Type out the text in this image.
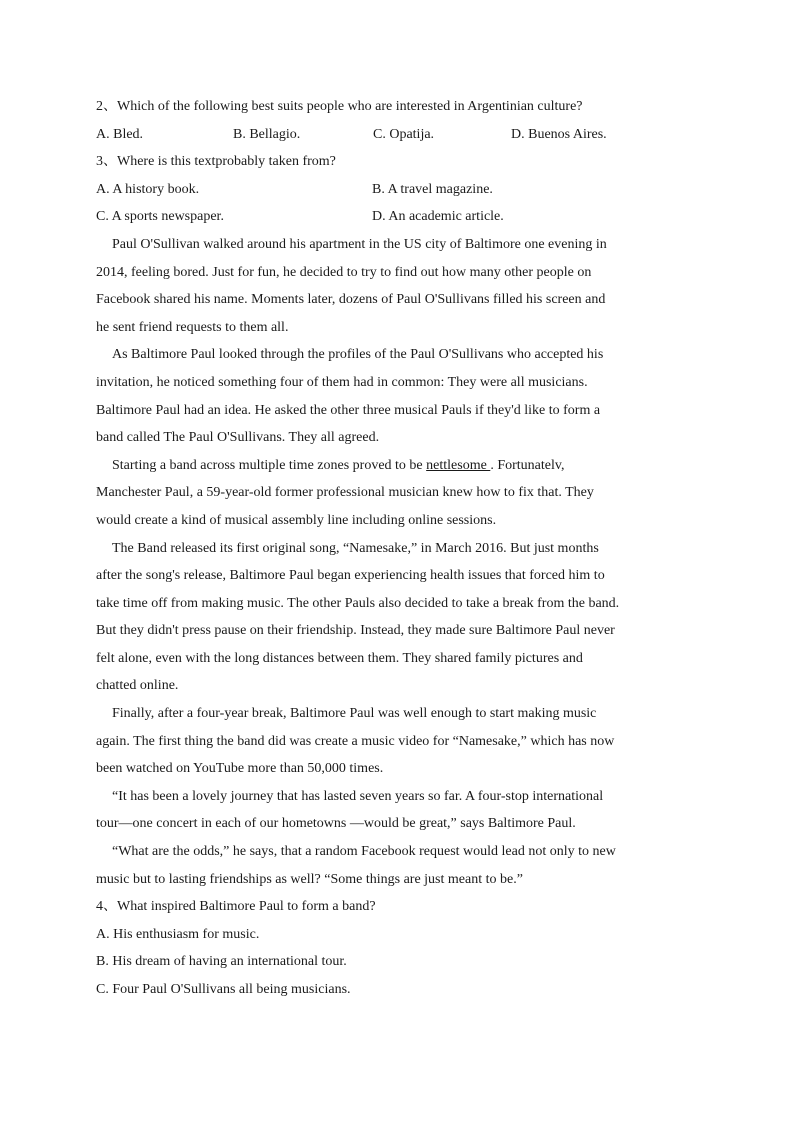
2、Which of the following best suits people who are interested in Argentinian culture?
A. Bled.	B. Bellagio.	C. Opatija.	D. Buenos Aires.
3、Where is this textprobably taken from?
A. A history book.	B. A travel magazine.
C. A sports newspaper.	D. An academic article.
Paul O'Sullivan walked around his apartment in the US city of Baltimore one evening in
2014, feeling bored. Just for fun, he decided to try to find out how many other people on
Facebook shared his name. Moments later, dozens of Paul O'Sullivans filled his screen and
he sent friend requests to them all.
As Baltimore Paul looked through the profiles of the Paul O'Sullivans who accepted his
invitation, he noticed something four of them had in common: They were all musicians.
Baltimore Paul had an idea. He asked the other three musical Pauls if they'd like to form a
band called The Paul O'Sullivans. They all agreed.
Starting a band across multiple time zones proved to be nettlesome . Fortunatelv,
Manchester Paul, a 59-year-old former professional musician knew how to fix that. They
would create a kind of musical assembly line including online sessions.
The Band released its first original song, “Namesake,” in March 2016. But just months
after the song's release, Baltimore Paul began experiencing health issues that forced him to
take time off from making music. The other Pauls also decided to take a break from the band.
But they didn't press pause on their friendship. Instead, they made sure Baltimore Paul never
felt alone, even with the long distances between them. They shared family pictures and
chatted online.
Finally, after a four-year break, Baltimore Paul was well enough to start making music
again. The first thing the band did was create a music video for “Namesake,” which has now
been watched on YouTube more than 50,000 times.
“It has been a lovely journey that has lasted seven years so far. A four-stop international
tour—one concert in each of our hometowns —would be great,” says Baltimore Paul.
“What are the odds,” he says, that a random Facebook request would lead not only to new
music but to lasting friendships as well? “Some things are just meant to be.”
4、What inspired Baltimore Paul to form a band?
A. His enthusiasm for music.
B. His dream of having an international tour.
C. Four Paul O'Sullivans all being musicians.
